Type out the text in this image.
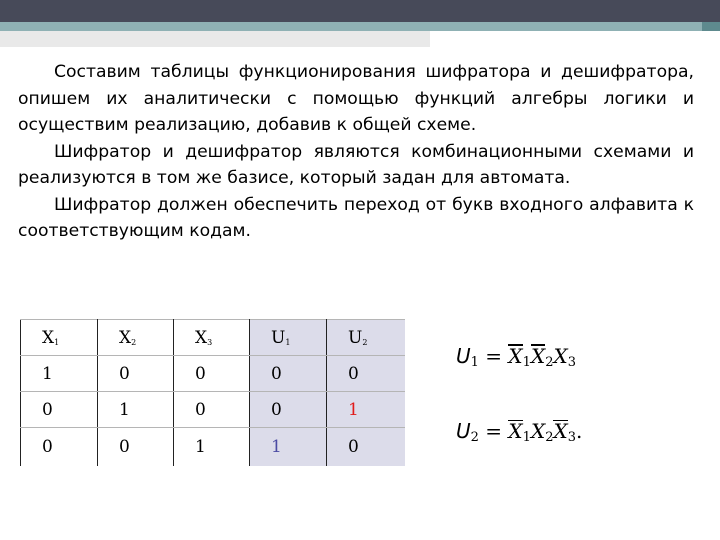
Составим таблицы функционирования шифратора и дешифратора, опишем их аналитически с помощью функций алгебры логики и осуществим реализацию, добавив к общей схеме.

Шифратор и дешифратор являются комбинационными схемами и реализуются в том же базисе, который задан для автомата.

Шифратор должен обеспечить переход от букв входного алфавита к соответствующим кодам.

$X_1$	$X_2$	$X_3$	$U_1$	$U_2$
1	0	0	0	0
0	1	0	0	1
0	0	1	1	0
U1 = X1X2X3
U2 = X1X2X3.
